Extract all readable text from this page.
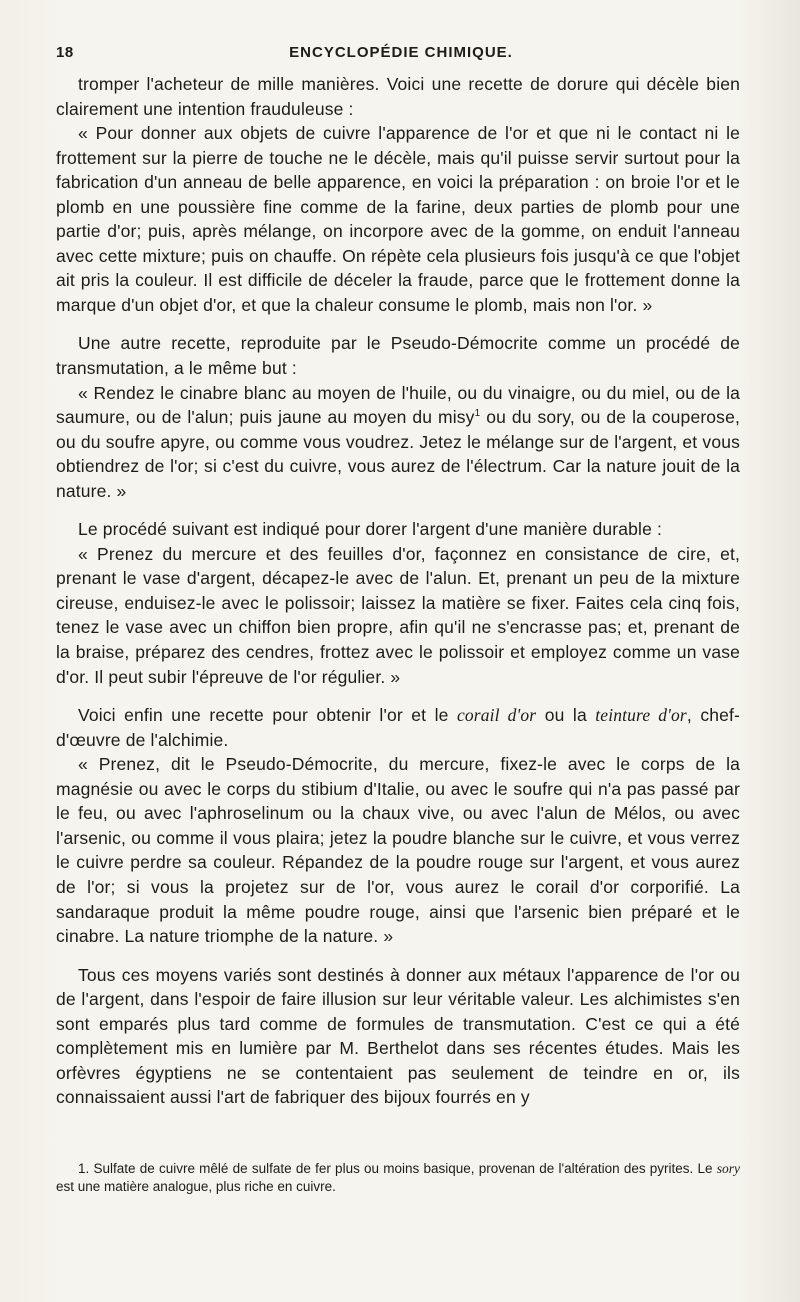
18	ENCYCLOPÉDIE CHIMIQUE.

tromper l'acheteur de mille manières. Voici une recette de dorure qui décèle bien clairement une intention frauduleuse :

« Pour donner aux objets de cuivre l'apparence de l'or et que ni le contact ni le frottement sur la pierre de touche ne le décèle, mais qu'il puisse servir surtout pour la fabrication d'un anneau de belle apparence, en voici la préparation : on broie l'or et le plomb en une poussière fine comme de la farine, deux parties de plomb pour une partie d'or; puis, après mélange, on incorpore avec de la gomme, on enduit l'anneau avec cette mixture; puis on chauffe. On répète cela plusieurs fois jusqu'à ce que l'objet ait pris la couleur. Il est difficile de déceler la fraude, parce que le frottement donne la marque d'un objet d'or, et que la chaleur consume le plomb, mais non l'or. »

Une autre recette, reproduite par le Pseudo-Démocrite comme un procédé de transmutation, a le même but :

« Rendez le cinabre blanc au moyen de l'huile, ou du vinaigre, ou du miel, ou de la saumure, ou de l'alun; puis jaune au moyen du misy$^1$ ou du sory, ou de la couperose, ou du soufre apyre, ou comme vous voudrez. Jetez le mélange sur de l'argent, et vous obtiendrez de l'or; si c'est du cuivre, vous aurez de l'électrum. Car la nature jouit de la nature. »

Le procédé suivant est indiqué pour dorer l'argent d'une manière durable :

« Prenez du mercure et des feuilles d'or, façonnez en consistance de cire, et, prenant le vase d'argent, décapez-le avec de l'alun. Et, prenant un peu de la mixture cireuse, enduisez-le avec le polissoir; laissez la matière se fixer. Faites cela cinq fois, tenez le vase avec un chiffon bien propre, afin qu'il ne s'encrasse pas; et, prenant de la braise, préparez des cendres, frottez avec le polissoir et employez comme un vase d'or. Il peut subir l'épreuve de l'or régulier. »

Voici enfin une recette pour obtenir l'or et le corail d'or ou la teinture d'or, chef-d'œuvre de l'alchimie.

« Prenez, dit le Pseudo-Démocrite, du mercure, fixez-le avec le corps de la magnésie ou avec le corps du stibium d'Italie, ou avec le soufre qui n'a pas passé par le feu, ou avec l'aphroselinum ou la chaux vive, ou avec l'alun de Mélos, ou avec l'arsenic, ou comme il vous plaira; jetez la poudre blanche sur le cuivre, et vous verrez le cuivre perdre sa couleur. Répandez de la poudre rouge sur l'argent, et vous aurez de l'or; si vous la projetez sur de l'or, vous aurez le corail d'or corporifié. La sandaraque produit la même poudre rouge, ainsi que l'arsenic bien préparé et le cinabre. La nature triomphe de la nature. »

Tous ces moyens variés sont destinés à donner aux métaux l'apparence de l'or ou de l'argent, dans l'espoir de faire illusion sur leur véritable valeur. Les alchimistes s'en sont emparés plus tard comme de formules de transmutation. C'est ce qui a été complètement mis en lumière par M. Berthelot dans ses récentes études. Mais les orfèvres égyptiens ne se contentaient pas seulement de teindre en or, ils connaissaient aussi l'art de fabriquer des bijoux fourrés en y

1. Sulfate de cuivre mêlé de sulfate de fer plus ou moins basique, provenan de l'altération des pyrites. Le sory est une matière analogue, plus riche en cuivre.
